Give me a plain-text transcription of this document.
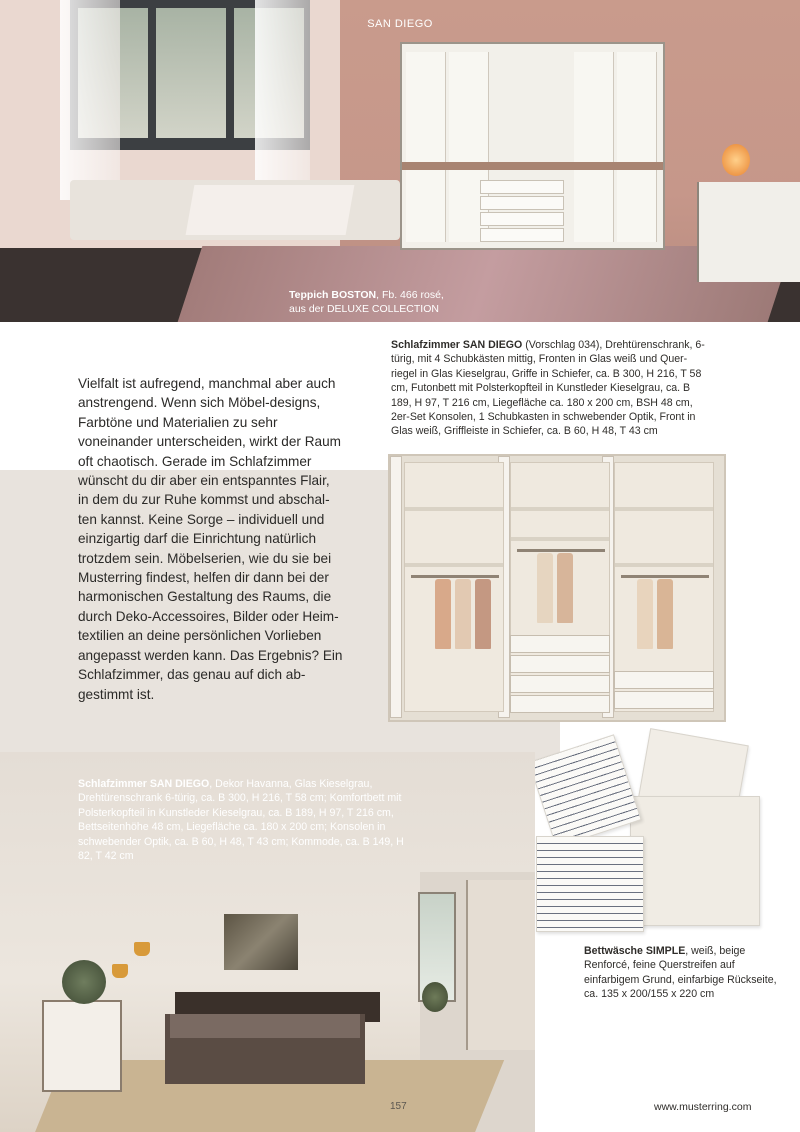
SAN DIEGO
Teppich BOSTON, Fb. 466 rosé,
aus der DELUXE COLLECTION
Vielfalt ist aufregend, manchmal aber auch anstrengend. Wenn sich Möbel-designs, Farbtöne und Materialien zu sehr voneinander unterscheiden, wirkt der Raum oft chaotisch. Gerade im Schlafzimmer wünscht du dir aber ein entspanntes Flair, in dem du zur Ruhe kommst und abschal-ten kannst. Keine Sorge – individuell und einzigartig darf die Einrichtung natürlich trotzdem sein. Möbelserien, wie du sie bei Musterring findest, helfen dir dann bei der harmonischen Gestaltung des Raums, die durch Deko-Accessoires, Bilder oder Heim-textilien an deine persönlichen Vorlieben angepasst werden kann. Das Ergebnis? Ein Schlafzimmer, das genau auf dich ab-gestimmt ist.
Schlafzimmer SAN DIEGO (Vorschlag 034), Drehtürenschrank, 6-türig, mit 4 Schubkästen mittig, Fronten in Glas weiß und Quer-riegel in Glas Kieselgrau, Griffe in Schiefer, ca. B 300, H 216, T 58 cm, Futonbett mit Polsterkopfteil in Kunstleder Kieselgrau, ca. B 189, H 97, T 216 cm, Liegefläche ca. 180 x 200 cm, BSH 48 cm, 2er-Set Konsolen, 1 Schubkasten in schwebender Optik, Front in Glas weiß, Griffleiste in Schiefer, ca. B 60, H 48, T 43 cm
Bettwäsche SIMPLE, weiß, beige Renforcé, feine Querstreifen auf einfarbigem Grund, einfarbige Rückseite, ca. 135 x 200/155 x 220 cm
Schlafzimmer SAN DIEGO, Dekor Havanna, Glas Kieselgrau, Drehtürenschrank 6-türig, ca. B 300, H 216, T 58 cm; Komfortbett mit Polsterkopfteil in Kunstleder Kieselgrau, ca. B 189, H 97, T 216 cm, Bettseitenhöhe 48 cm, Liegefläche ca. 180 x 200 cm; Konsolen in schwebender Optik, ca. B 60, H 48, T 43 cm; Kommode, ca. B 149, H 82, T 42 cm
157	www.musterring.com
